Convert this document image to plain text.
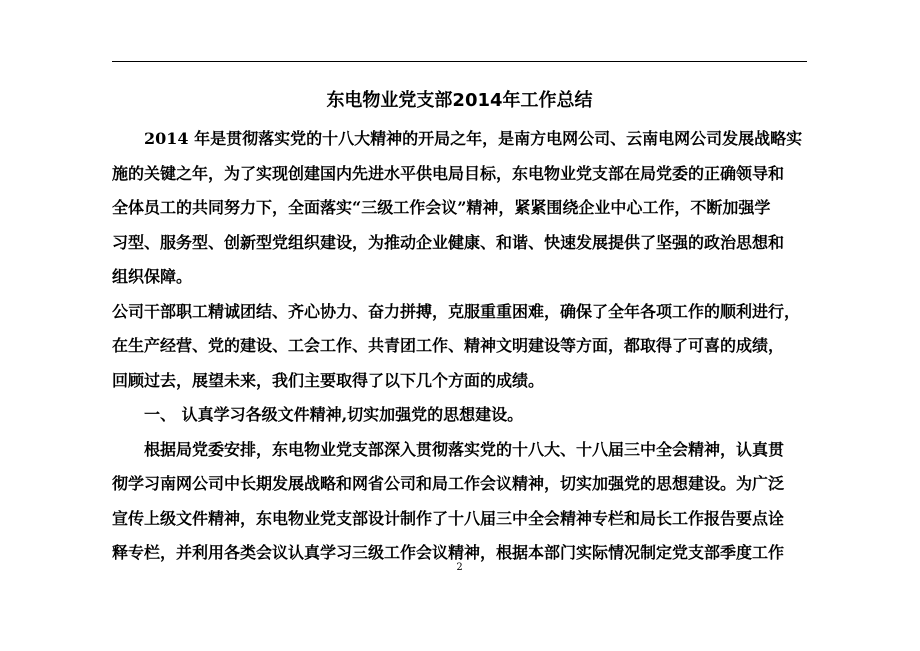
东电物业党支部2014年工作总结
2014 年是贯彻落实党的十八大精神的开局之年，是南方电网公司、云南电网公司发展战略实
施的关键之年，为了实现创建国内先进水平供电局目标，东电物业党支部在局党委的正确领导和
全体员工的共同努力下，全面落实“三级工作会议”精神，紧紧围绕企业中心工作，不断加强学
习型、服务型、创新型党组织建设，为推动企业健康、和谐、快速发展提供了坚强的政治思想和
组织保障。
公司干部职工精诚团结、齐心协力、奋力拼搏，克服重重困难，确保了全年各项工作的顺利进行，
在生产经营、党的建设、工会工作、共青团工作、精神文明建设等方面，都取得了可喜的成绩，
回顾过去，展望未来，我们主要取得了以下几个方面的成绩。
一、 认真学习各级文件精神,切实加强党的思想建设。
根据局党委安排，东电物业党支部深入贯彻落实党的十八大、十八届三中全会精神，认真贯
彻学习南网公司中长期发展战略和网省公司和局工作会议精神，切实加强党的思想建设。为广泛
宣传上级文件精神，东电物业党支部设计制作了十八届三中全会精神专栏和局长工作报告要点诠
释专栏，并利用各类会议认真学习三级工作会议精神，根据本部门实际情况制定党支部季度工作
2
